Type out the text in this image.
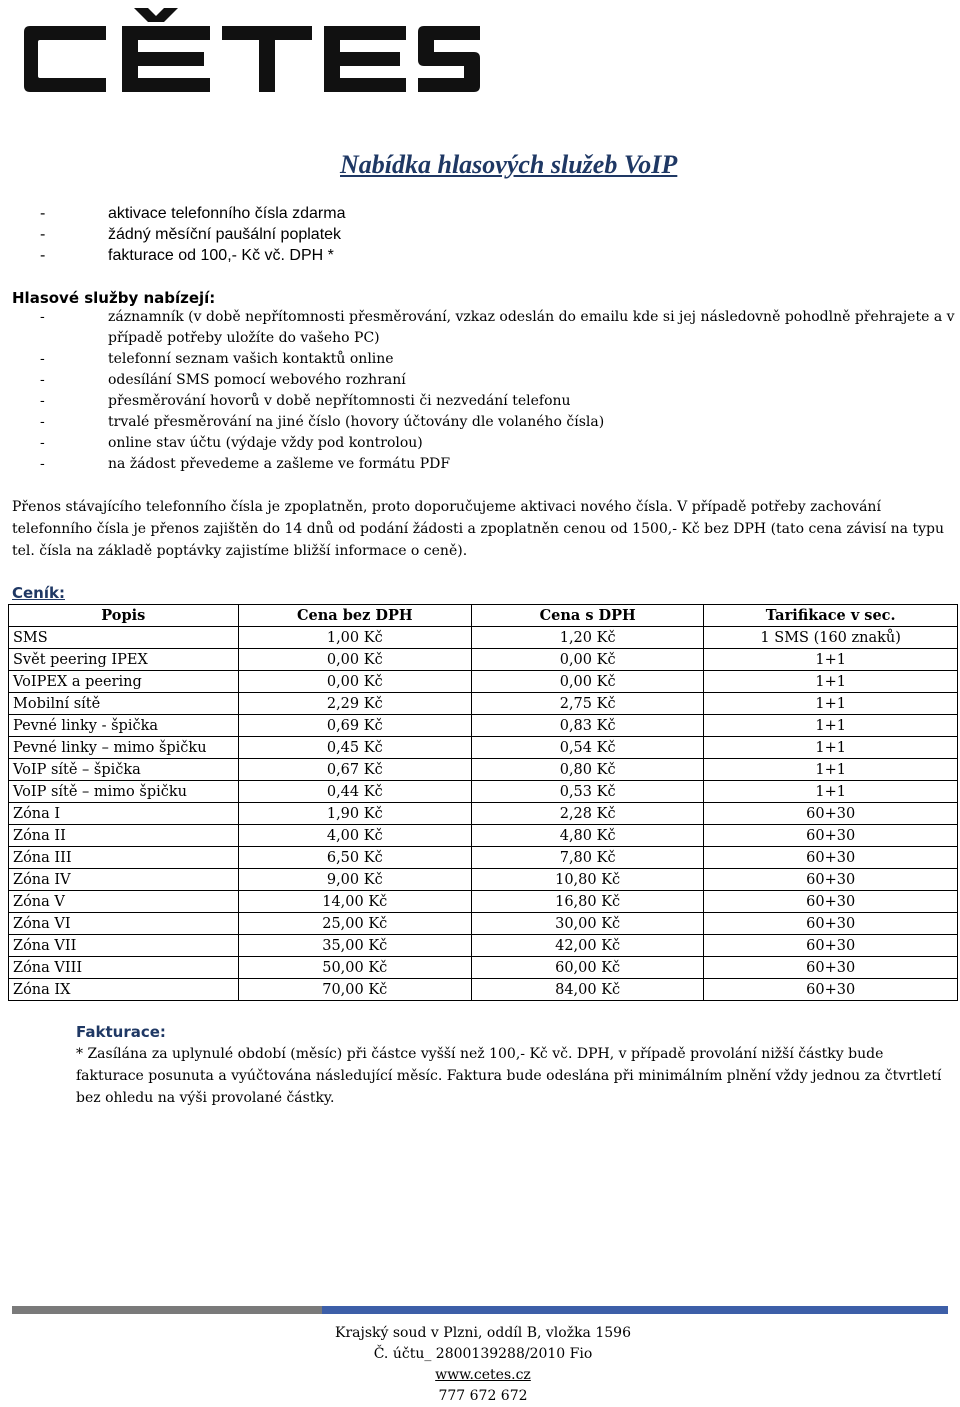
Nabídka hlasových služeb VoIP
-	aktivace telefonního čísla zdarma
-	žádný měsíční paušální poplatek
-	fakturace od 100,- Kč vč. DPH *
Hlasové služby nabízejí:
-	záznamník (v době nepřítomnosti přesměrování, vzkaz odeslán do emailu kde si jej následovně pohodlně přehrajete a v případě potřeby uložíte do vašeho PC)
-	telefonní seznam vašich kontaktů online
-	odesílání SMS pomocí webového rozhraní
-	přesměrování hovorů v době nepřítomnosti či nezvedání telefonu
-	trvalé přesměrování na jiné číslo (hovory účtovány dle volaného čísla)
-	online stav účtu (výdaje vždy pod kontrolou)
-	na žádost převedeme a zašleme ve formátu PDF
Přenos stávajícího telefonního čísla je zpoplatněn, proto doporučujeme aktivaci nového čísla. V případě potřeby zachování telefonního čísla je přenos zajištěn do 14 dnů od podání žádosti a zpoplatněn cenou od 1500,- Kč bez DPH (tato cena závisí na typu tel. čísla na základě poptávky zajistíme bližší informace o ceně).
Ceník:
Popis	Cena bez DPH	Cena s DPH	Tarifikace v sec.
SMS	1,00 Kč	1,20 Kč	1 SMS (160 znaků)
Svět peering IPEX	0,00 Kč	0,00 Kč	1+1
VoIPEX a peering	0,00 Kč	0,00 Kč	1+1
Mobilní sítě	2,29 Kč	2,75 Kč	1+1
Pevné linky - špička	0,69 Kč	0,83 Kč	1+1
Pevné linky – mimo špičku	0,45 Kč	0,54 Kč	1+1
VoIP sítě – špička	0,67 Kč	0,80 Kč	1+1
VoIP sítě – mimo špičku	0,44 Kč	0,53 Kč	1+1
Zóna I	1,90 Kč	2,28 Kč	60+30
Zóna II	4,00 Kč	4,80 Kč	60+30
Zóna III	6,50 Kč	7,80 Kč	60+30
Zóna IV	9,00 Kč	10,80 Kč	60+30
Zóna V	14,00 Kč	16,80 Kč	60+30
Zóna VI	25,00 Kč	30,00 Kč	60+30
Zóna VII	35,00 Kč	42,00 Kč	60+30
Zóna VIII	50,00 Kč	60,00 Kč	60+30
Zóna IX	70,00 Kč	84,00 Kč	60+30
Fakturace:
* Zasílána za uplynulé období (měsíc) při částce vyšší než 100,- Kč vč. DPH, v případě provolání nižší částky bude fakturace posunuta a vyúčtována následující měsíc. Faktura bude odeslána při minimálním plnění vždy jednou za čtvrtletí bez ohledu na výši provolané částky.
Krajský soud v Plzni, oddíl B, vložka 1596
Č. účtu_ 2800139288/2010 Fio
www.cetes.cz
777 672 672
